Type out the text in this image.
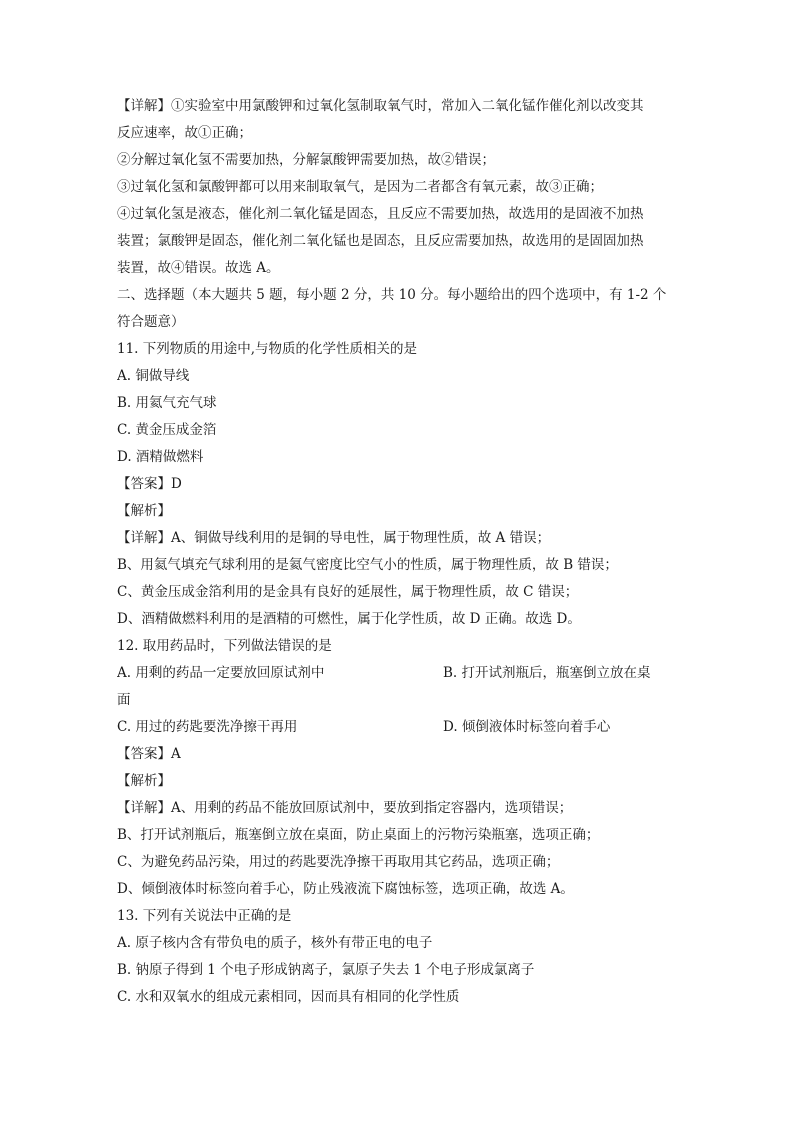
【详解】①实验室中用氯酸钾和过氧化氢制取氧气时，常加入二氧化锰作催化剂以改变其
反应速率，故①正确；
②分解过氧化氢不需要加热，分解氯酸钾需要加热，故②错误；
③过氧化氢和氯酸钾都可以用来制取氧气，是因为二者都含有氧元素，故③正确；
④过氧化氢是液态，催化剂二氧化锰是固态，且反应不需要加热，故选用的是固液不加热
装置；氯酸钾是固态，催化剂二氧化锰也是固态，且反应需要加热，故选用的是固固加热
装置，故④错误。故选 A。
二、选择题（本大题共 5 题，每小题 2 分，共 10 分。每小题给出的四个选项中，有 1-2 个
符合题意）
11. 下列物质的用途中,与物质的化学性质相关的是
A. 铜做导线
B. 用氦气充气球
C. 黄金压成金箔
D. 酒精做燃料
【答案】D
【解析】
【详解】A、铜做导线利用的是铜的导电性，属于物理性质，故 A 错误；
B、用氦气填充气球利用的是氦气密度比空气小的性质，属于物理性质，故 B 错误；
C、黄金压成金箔利用的是金具有良好的延展性，属于物理性质，故 C 错误；
D、酒精做燃料利用的是酒精的可燃性，属于化学性质，故 D 正确。故选 D。
12. 取用药品时，下列做法错误的是
A. 用剩的药品一定要放回原试剂中	B. 打开试剂瓶后，瓶塞倒立放在桌
面
C. 用过的药匙要洗净擦干再用	D. 倾倒液体时标签向着手心
【答案】A
【解析】
【详解】A、用剩的药品不能放回原试剂中，要放到指定容器内，选项错误；
B、打开试剂瓶后，瓶塞倒立放在桌面，防止桌面上的污物污染瓶塞，选项正确；
C、为避免药品污染，用过的药匙要洗净擦干再取用其它药品，选项正确；
D、倾倒液体时标签向着手心，防止残液流下腐蚀标签，选项正确，故选 A。
13. 下列有关说法中正确的是
A. 原子核内含有带负电的质子，核外有带正电的电子
B. 钠原子得到 1 个电子形成钠离子，氯原子失去 1 个电子形成氯离子
C. 水和双氧水的组成元素相同，因而具有相同的化学性质
